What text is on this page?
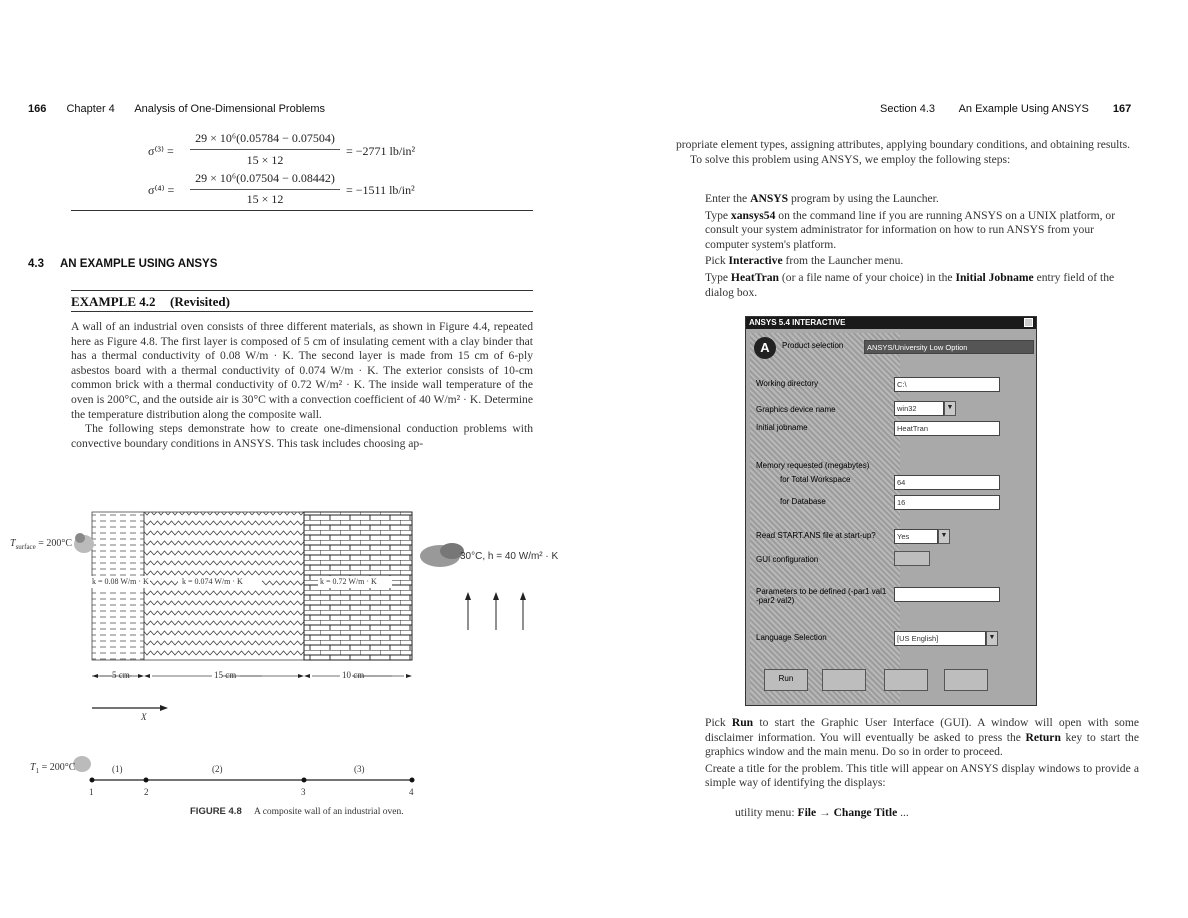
166 Chapter 4 Analysis of One-Dimensional Problems
σ⁽³⁾ =
29 × 10⁶(0.05784 − 0.07504)
15 × 12
= −2771 lb/in²
σ⁽⁴⁾ =
29 × 10⁶(0.07504 − 0.08442)
15 × 12
= −1511 lb/in²
4.3 AN EXAMPLE USING ANSYS
EXAMPLE 4.2 (Revisited)

A wall of an industrial oven consists of three different materials, as shown in Figure 4.4, repeated here as Figure 4.8. The first layer is composed of 5 cm of insulating cement with a clay binder that has a thermal conductivity of 0.08 W/m · K. The second layer is made from 15 cm of 6-ply asbestos board with a thermal conductivity of 0.074 W/m · K. The exterior consists of 10-cm common brick with a thermal conductivity of 0.72 W/m² · K. The inside wall temperature of the oven is 200°C, and the outside air is 30°C with a convection coefficient of 40 W/m² · K. Determine the temperature distribution along the composite wall.

The following steps demonstrate how to create one-dimensional conduction problems with convective boundary conditions in ANSYS. This task includes choosing ap-

$T_{surface} = 200^\circ C$
k = 0.08 W/m · K	k = 0.074 W/m · K	k = 0.72 W/m · K
30°C, h = 40 W/m² · K
5 cm	15 cm	10 cm
X
$T_1 = 200^\circ C$	(1)	(2)	(3)
1	2	3	4
FIGURE 4.8 A composite wall of an industrial oven.
Section 4.3 An Example Using ANSYS 167

propriate element types, assigning attributes, applying boundary conditions, and obtaining results.

To solve this problem using ANSYS, we employ the following steps:

Enter the ANSYS program by using the Launcher.

Type xansys54 on the command line if you are running ANSYS on a UNIX platform, or consult your system administrator for information on how to run ANSYS from your computer system's platform.

Pick Interactive from the Launcher menu.

Type HeatTran (or a file name of your choice) in the Initial Jobname entry field of the dialog box.

ANSYS 5.4 INTERACTIVE
A	Product selection	ANSYS/University Low Option
Working directory	C:\
Graphics device name	win32	▼
Initial jobname	HeatTran
Memory requested (megabytes)
for Total Workspace	64
for Database	16
Read START.ANS file at start-up?	Yes	▼
GUI configuration
Parameters to be defined (-par1 val1 -par2 val2)
Language Selection	[US English]	▼
Run

Pick Run to start the Graphic User Interface (GUI). A window will open with some disclaimer information. You will eventually be asked to press the Return key to start the graphics window and the main menu. Do so in order to proceed.

Create a title for the problem. This title will appear on ANSYS display windows to provide a simple way of identifying the displays:

utility menu: File → Change Title ...
